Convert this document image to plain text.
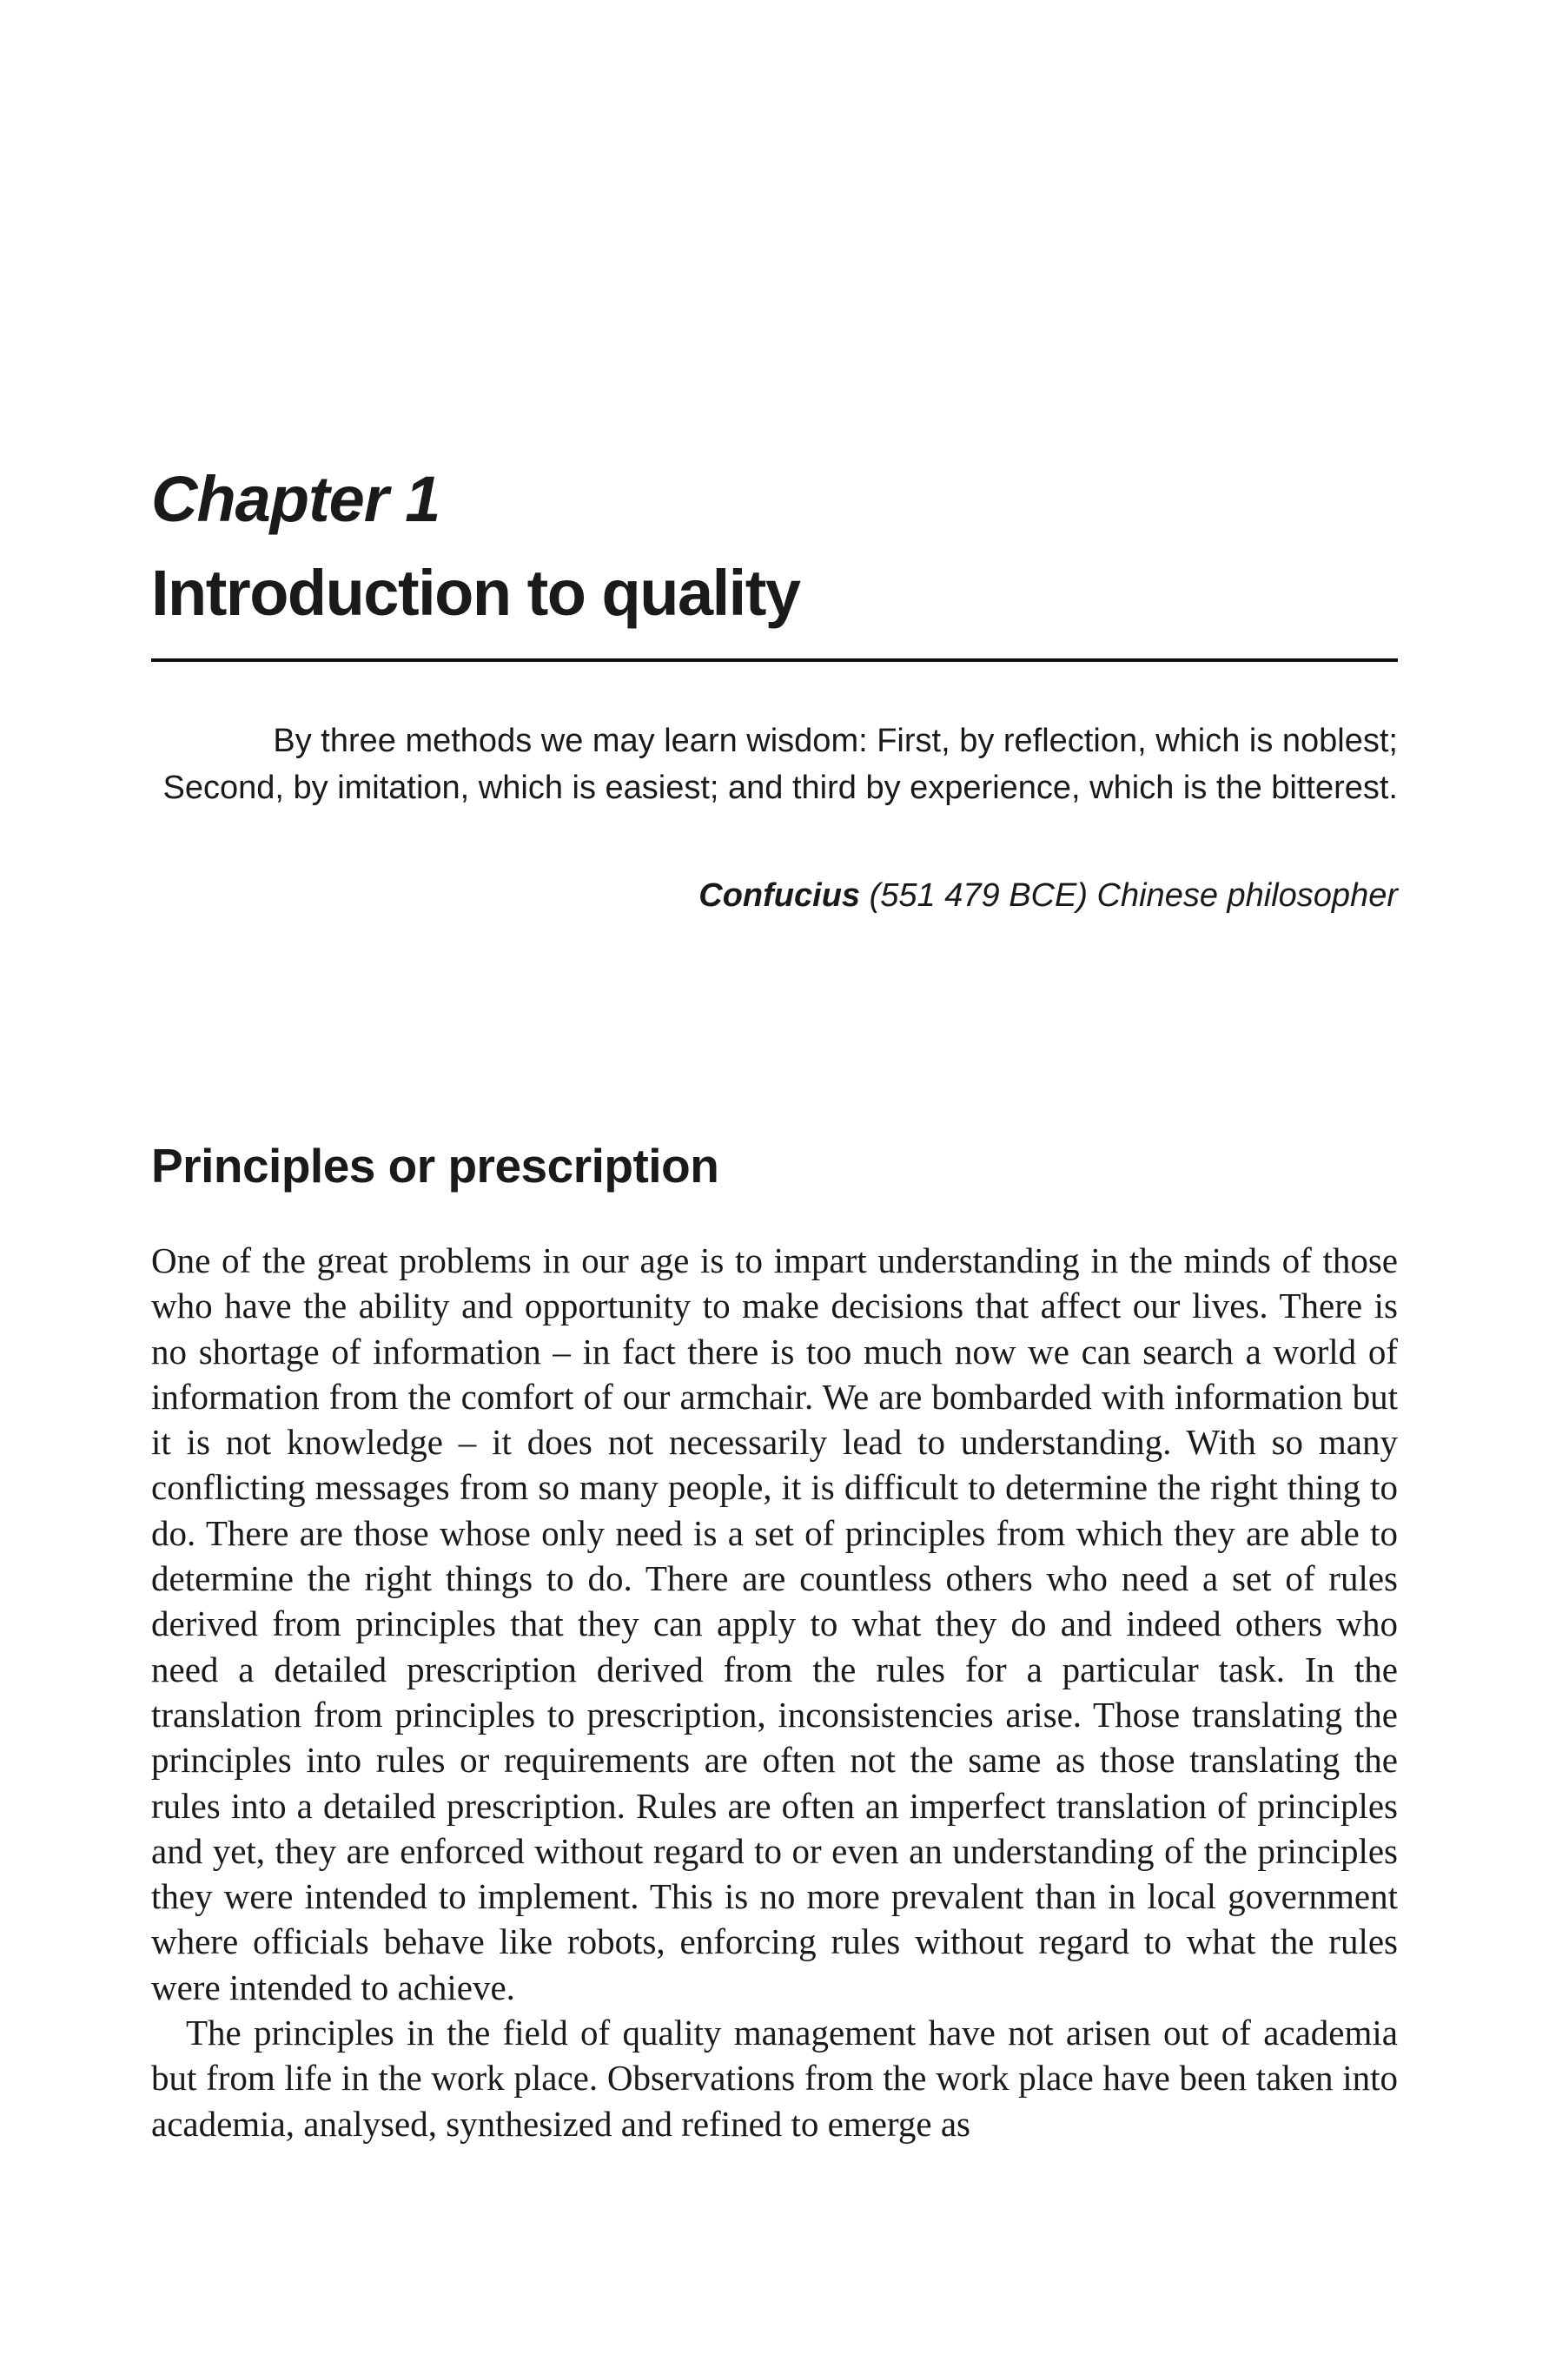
Chapter 1
Introduction to quality

By three methods we may learn wisdom: First, by reflection, which is noblest; Second, by imitation, which is easiest; and third by experience, which is the bitterest.

Confucius (551 479 BCE) Chinese philosopher

Principles or prescription

One of the great problems in our age is to impart understanding in the minds of those who have the ability and opportunity to make decisions that affect our lives. There is no shortage of information – in fact there is too much now we can search a world of information from the comfort of our armchair. We are bombarded with information but it is not knowledge – it does not necessarily lead to understanding. With so many conflicting messages from so many people, it is difficult to determine the right thing to do. There are those whose only need is a set of principles from which they are able to determine the right things to do. There are countless others who need a set of rules derived from principles that they can apply to what they do and indeed others who need a detailed prescription derived from the rules for a particular task. In the translation from principles to prescription, inconsistencies arise. Those translating the principles into rules or requirements are often not the same as those translating the rules into a detailed prescription. Rules are often an imperfect translation of principles and yet, they are enforced without regard to or even an understanding of the principles they were intended to implement. This is no more prevalent than in local government where officials behave like robots, enforcing rules without regard to what the rules were intended to achieve.

The principles in the field of quality management have not arisen out of academia but from life in the work place. Observations from the work place have been taken into academia, analysed, synthesized and refined to emerge as
